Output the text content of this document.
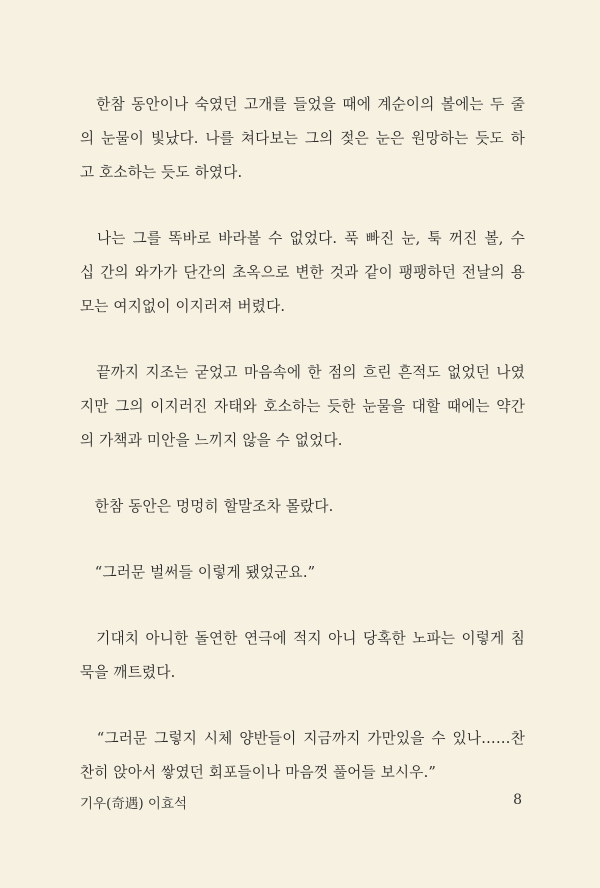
　한참 동안이나 숙였던 고개를 들었을 때에 계순이의 볼에는 두 줄
의 눈물이 빛났다. 나를 쳐다보는 그의 젖은 눈은 원망하는 듯도 하
고 호소하는 듯도 하였다.
　나는 그를 똑바로 바라볼 수 없었다. 푹 빠진 눈, 툭 꺼진 볼, 수
십 간의 와가가 단간의 초옥으로 변한 것과 같이 팽팽하던 전날의 용
모는 여지없이 이지러져 버렸다.
　끝까지 지조는 굳었고 마음속에 한 점의 흐린 흔적도 없었던 나였
지만 그의 이지러진 자태와 호소하는 듯한 눈물을 대할 때에는 약간
의 가책과 미안을 느끼지 않을 수 없었다.
　한참 동안은 멍멍히 할말조차 몰랐다.
　“그러문 벌써들 이렇게 됐었군요.”
　기대치 아니한 돌연한 연극에 적지 아니 당혹한 노파는 이렇게 침
묵을 깨트렸다.
　“그러문 그렇지 시체 양반들이 지금까지 가만있을 수 있나……찬
찬히 앉아서 쌓였던 회포들이나 마음껏 풀어들 보시우.”
기우(奇遇) 이효석	8
